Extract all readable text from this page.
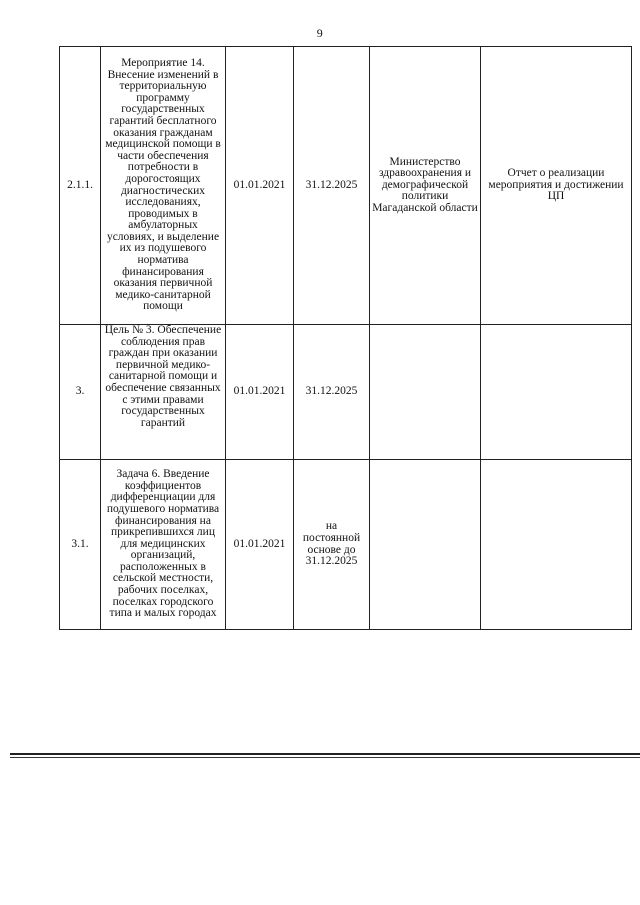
9
2.1.1.	Мероприятие 14. Внесение изменений в территориальную программу государственных гарантий бесплатного оказания гражданам медицинской помощи в части обеспечения потребности в дорогостоящих диагностических исследованиях, проводимых в амбулаторных условиях, и выделение их из подушевого норматива финансирования оказания первичной медико-санитарной помощи	01.01.2021	31.12.2025	Министерство здравоохранения и демографической политики Магаданской области	Отчет о реализации мероприятия и достижении ЦП
3.	Цель № 3. Обеспечение соблюдения прав граждан при оказании первичной медико-санитарной помощи и обеспечение связанных с этими правами государственных гарантий	01.01.2021	31.12.2025		
3.1.	Задача 6. Введение коэффициентов дифференциации для подушевого норматива финансирования на прикрепившихся лиц для медицинских организаций, расположенных в сельской местности, рабочих поселках, поселках городского типа и малых городах	01.01.2021	на постоянной основе до 31.12.2025		
